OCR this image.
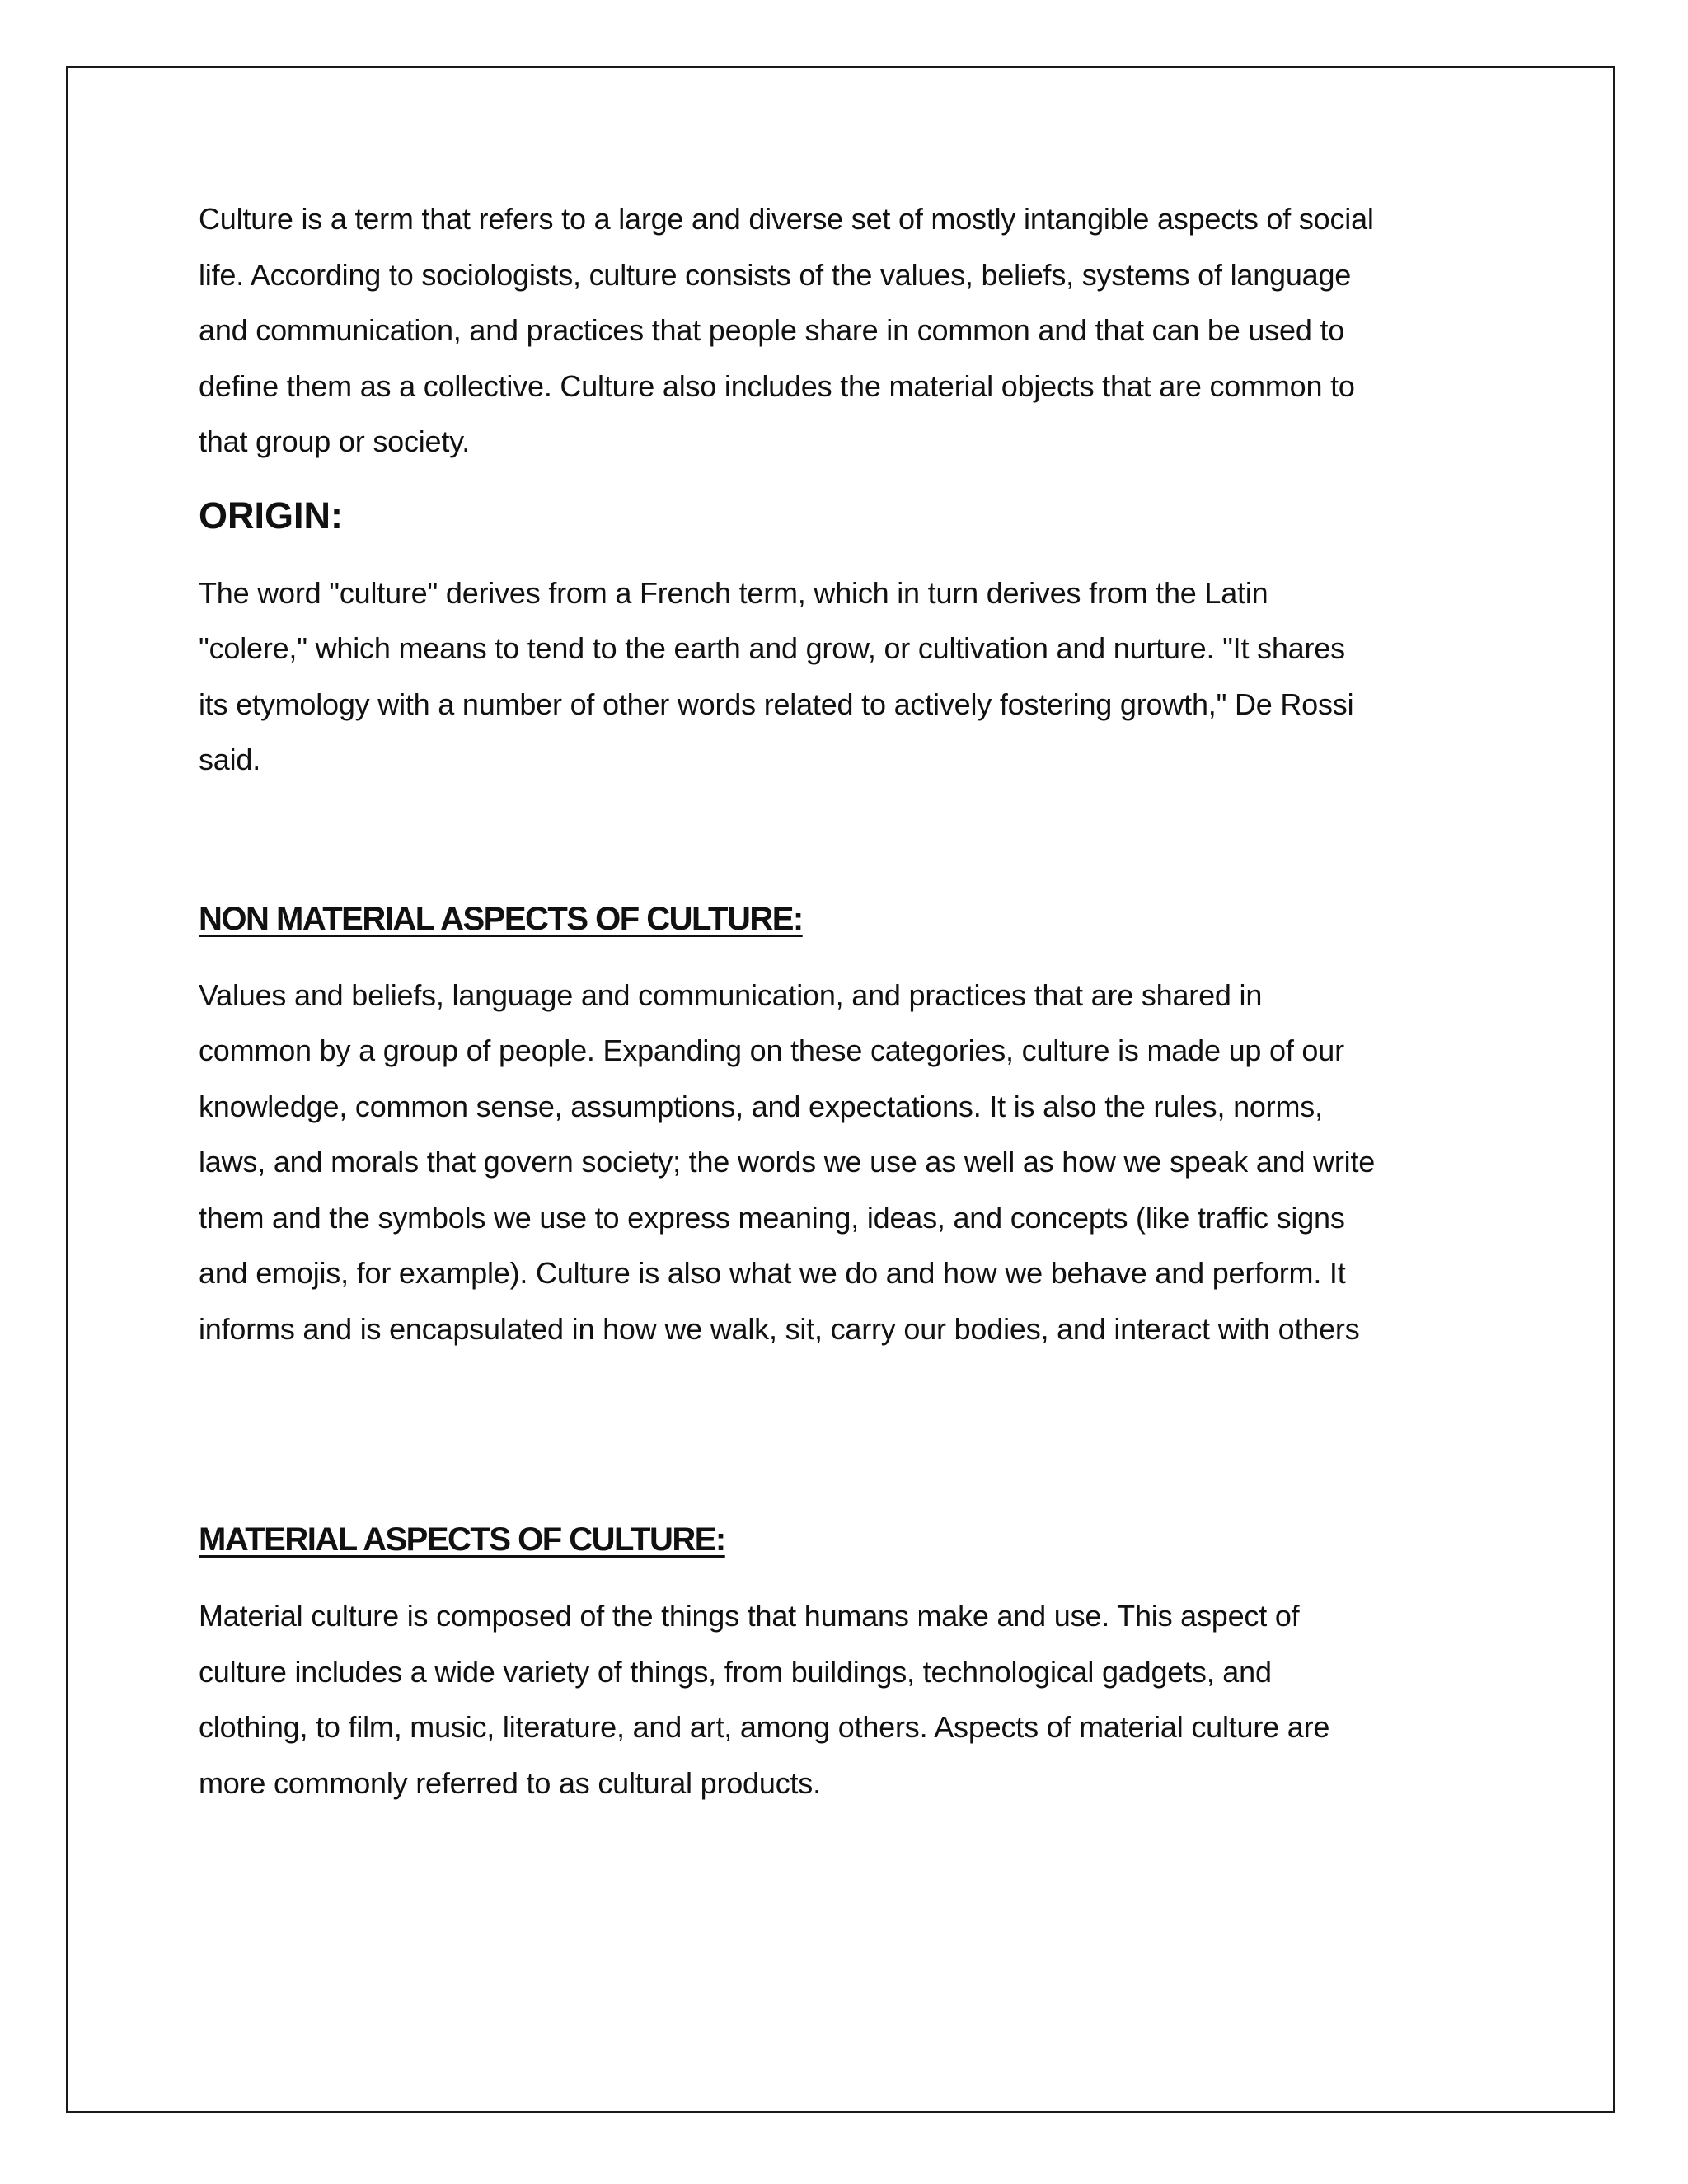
Culture is a term that refers to a large and diverse set of mostly intangible aspects of social
life. According to sociologists, culture consists of the values, beliefs, systems of language
and communication, and practices that people share in common and that can be used to
define them as a collective. Culture also includes the material objects that are common to
that group or society.

ORIGIN:

The word "culture" derives from a French term, which in turn derives from the Latin
"colere," which means to tend to the earth and grow, or cultivation and nurture. "It shares
its etymology with a number of other words related to actively fostering growth," De Rossi
said.

NON MATERIAL ASPECTS OF CULTURE:

Values and beliefs, language and communication, and practices that are shared in
common by a group of people. Expanding on these categories, culture is made up of our
knowledge, common sense, assumptions, and expectations. It is also the rules, norms,
laws, and morals that govern society; the words we use as well as how we speak and write
them and the symbols we use to express meaning, ideas, and concepts (like traffic signs
and emojis, for example). Culture is also what we do and how we behave and perform. It
informs and is encapsulated in how we walk, sit, carry our bodies, and interact with others

MATERIAL ASPECTS OF CULTURE:

Material culture is composed of the things that humans make and use. This aspect of
culture includes a wide variety of things, from buildings, technological gadgets, and
clothing, to film, music, literature, and art, among others. Aspects of material culture are
more commonly referred to as cultural products.
